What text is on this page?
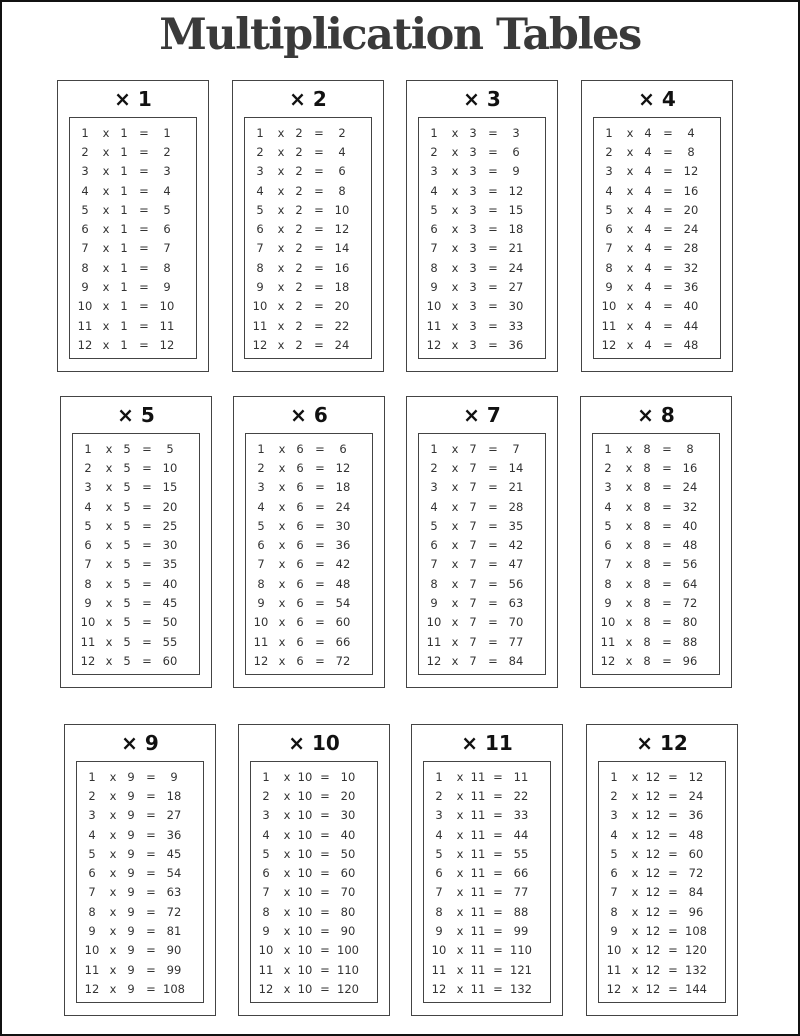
Multiplication Tables
× 1
1	x 1	=	1
2	x 1	=	2
3	x 1	=	3
4	x 1	=	4
5	x 1	=	5
6	x 1	=	6
7	x 1	=	7
8	x 1	=	8
9	x 1	=	9
10 x 1	= 10
11 x 1	= 11
12 x 1	= 12
× 2
1	x 2	=	2
2	x 2	=	4
3	x 2	=	6
4	x 2	=	8
5	x 2	= 10
6	x 2	= 12
7	x 2	= 14
8	x 2	= 16
9	x 2	= 18
10 x 2	= 20
11 x 2	= 22
12 x 2	= 24
× 3
1	x 3	=	3
2	x 3	=	6
3	x 3	=	9
4	x 3	= 12
5	x 3	= 15
6	x 3	= 18
7	x 3	= 21
8	x 3	= 24
9	x 3	= 27
10 x 3	= 30
11 x 3	= 33
12 x 3	= 36
× 4
1	x 4	=	4
2	x 4	=	8
3	x 4	= 12
4	x 4	= 16
5	x 4	= 20
6	x 4	= 24
7	x 4	= 28
8	x 4	= 32
9	x 4	= 36
10 x 4	= 40
11 x 4	= 44
12 x 4	= 48
× 5
1	x 5	=	5
2	x 5	= 10
3	x 5	= 15
4	x 5	= 20
5	x 5	= 25
6	x 5	= 30
7	x 5	= 35
8	x 5	= 40
9	x 5	= 45
10 x 5	= 50
11 x 5	= 55
12 x 5	= 60
× 6
1	x 6	=	6
2	x 6	= 12
3	x 6	= 18
4	x 6	= 24
5	x 6	= 30
6	x 6	= 36
7	x 6	= 42
8	x 6	= 48
9	x 6	= 54
10 x 6	= 60
11 x 6	= 66
12 x 6	= 72
× 7
1	x 7	=	7
2	x 7	= 14
3	x 7	= 21
4	x 7	= 28
5	x 7	= 35
6	x 7	= 42
7	x 7	= 47
8	x 7	= 56
9	x 7	= 63
10 x 7	= 70
11 x 7	= 77
12 x 7	= 84
× 8
1	x 8	=	8
2	x 8	= 16
3	x 8	= 24
4	x 8	= 32
5	x 8	= 40
6	x 8	= 48
7	x 8	= 56
8	x 8	= 64
9	x 8	= 72
10 x 8	= 80
11 x 8	= 88
12 x 8	= 96
× 9
1	x 9	=	9
2	x 9	= 18
3	x 9	= 27
4	x 9	= 36
5	x 9	= 45
6	x 9	= 54
7	x 9	= 63
8	x 9	= 72
9	x 9	= 81
10 x 9	= 90
11 x 9	= 99
12 x 9	= 108
× 10
1	x 10 = 10
2	x 10 = 20
3	x 10 = 30
4	x 10 = 40
5	x 10 = 50
6	x 10 = 60
7	x 10 = 70
8	x 10 = 80
9	x 10 = 90
10 x 10 = 100
11 x 10 = 110
12 x 10 = 120
× 11
1	x 11 = 11
2	x 11 = 22
3	x 11 = 33
4	x 11 = 44
5	x 11 = 55
6	x 11 = 66
7	x 11 = 77
8	x 11 = 88
9	x 11 = 99
10 x 11 = 110
11 x 11 = 121
12 x 11 = 132
× 12
1	x 12 = 12
2	x 12 = 24
3	x 12 = 36
4	x 12 = 48
5	x 12 = 60
6	x 12 = 72
7	x 12 = 84
8	x 12 = 96
9	x 12 = 108
10 x 12 = 120
11 x 12 = 132
12 x 12 = 144
